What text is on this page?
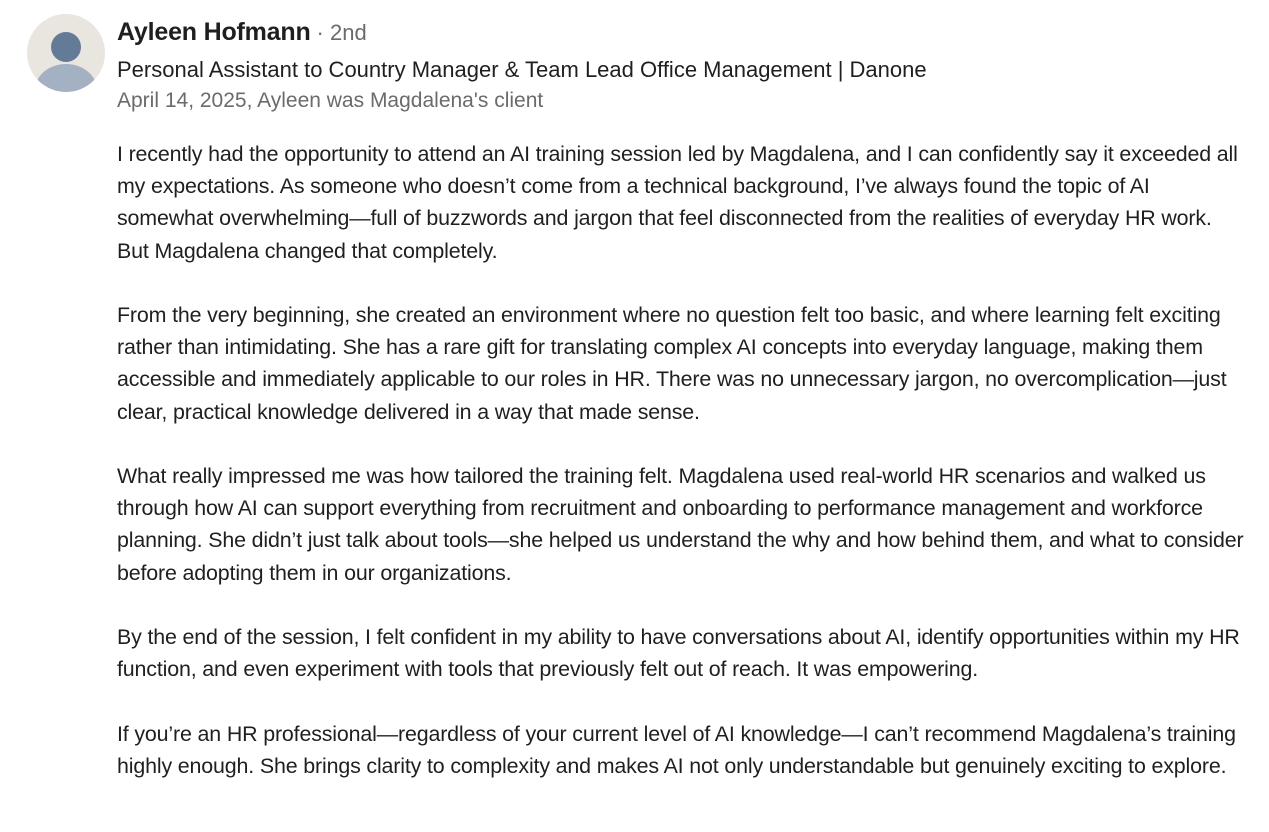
Ayleen Hofmann · 2nd
Personal Assistant to Country Manager & Team Lead Office Management | Danone
April 14, 2025, Ayleen was Magdalena's client

I recently had the opportunity to attend an AI training session led by Magdalena, and I can confidently say it exceeded all my expectations. As someone who doesn’t come from a technical background, I’ve always found the topic of AI somewhat overwhelming—full of buzzwords and jargon that feel disconnected from the realities of everyday HR work. But Magdalena changed that completely.

From the very beginning, she created an environment where no question felt too basic, and where learning felt exciting rather than intimidating. She has a rare gift for translating complex AI concepts into everyday language, making them accessible and immediately applicable to our roles in HR. There was no unnecessary jargon, no overcomplication—just clear, practical knowledge delivered in a way that made sense.

What really impressed me was how tailored the training felt. Magdalena used real-world HR scenarios and walked us through how AI can support everything from recruitment and onboarding to performance management and workforce planning. She didn’t just talk about tools—she helped us understand the why and how behind them, and what to consider before adopting them in our organizations.

By the end of the session, I felt confident in my ability to have conversations about AI, identify opportunities within my HR function, and even experiment with tools that previously felt out of reach. It was empowering.

If you’re an HR professional—regardless of your current level of AI knowledge—I can’t recommend Magdalena’s training highly enough. She brings clarity to complexity and makes AI not only understandable but genuinely exciting to explore.
